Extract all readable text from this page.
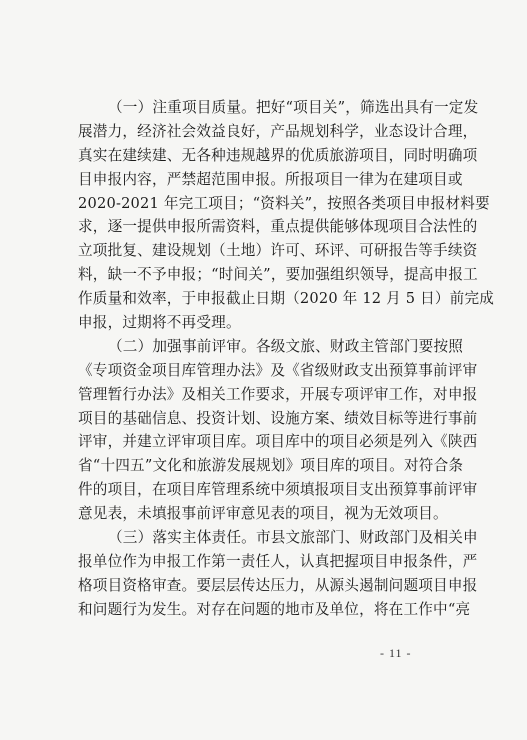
（一）注重项目质量。把好“项目关”，筛选出具有一定发
展潜力，经济社会效益良好，产品规划科学，业态设计合理，
真实在建续建、无各种违规越界的优质旅游项目，同时明确项
目申报内容，严禁超范围申报。所报项目一律为在建项目或
2020-2021 年完工项目；“资料关”，按照各类项目申报材料要
求，逐一提供申报所需资料，重点提供能够体现项目合法性的
立项批复、建设规划（土地）许可、环评、可研报告等手续资
料，缺一不予申报；“时间关”，要加强组织领导，提高申报工
作质量和效率，于申报截止日期（2020 年 12 月 5 日）前完成
申报，过期将不再受理。
（二）加强事前评审。各级文旅、财政主管部门要按照
《专项资金项目库管理办法》及《省级财政支出预算事前评审
管理暂行办法》及相关工作要求，开展专项评审工作，对申报
项目的基础信息、投资计划、设施方案、绩效目标等进行事前
评审，并建立评审项目库。项目库中的项目必须是列入《陕西
省“十四五”文化和旅游发展规划》项目库的项目。对符合条
件的项目，在项目库管理系统中须填报项目支出预算事前评审
意见表，未填报事前评审意见表的项目，视为无效项目。
（三）落实主体责任。市县文旅部门、财政部门及相关申
报单位作为申报工作第一责任人，认真把握项目申报条件，严
格项目资格审查。要层层传达压力，从源头遏制问题项目申报
和问题行为发生。对存在问题的地市及单位，将在工作中“亮
- 11 -
